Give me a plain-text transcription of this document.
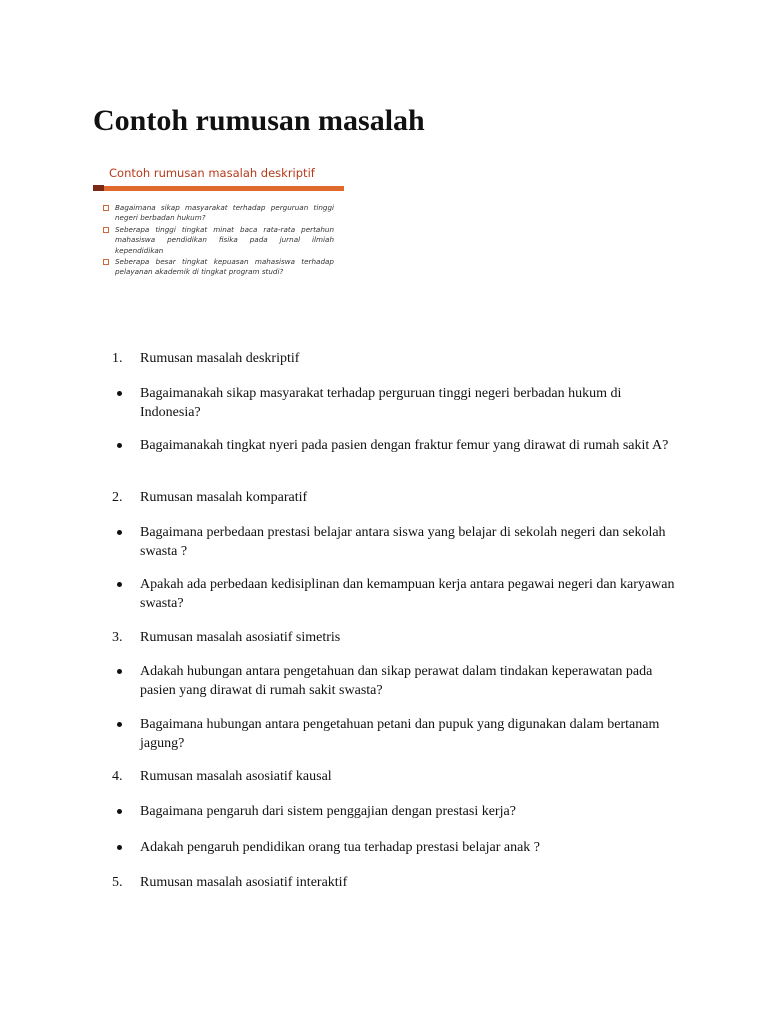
Contoh rumusan masalah
Contoh rumusan masalah deskriptif
Bagaimana sikap masyarakat terhadap perguruan tinggi negeri berbadan hukum?
Seberapa tinggi tingkat minat baca rata-rata pertahun mahasiswa pendidikan fisika pada jurnal ilmiah kependidikan
Seberapa besar tingkat kepuasan mahasiswa terhadap pelayanan akademik di tingkat program studi?
1. Rumusan masalah deskriptif

Bagaimanakah sikap masyarakat terhadap perguruan tinggi negeri berbadan hukum di Indonesia?

Bagaimanakah tingkat nyeri pada pasien dengan fraktur femur yang dirawat di rumah sakit A?

2. Rumusan masalah komparatif

Bagaimana perbedaan prestasi belajar antara siswa yang belajar di sekolah negeri dan sekolah swasta ?

Apakah ada perbedaan kedisiplinan dan kemampuan kerja antara pegawai negeri dan karyawan swasta?

3. Rumusan masalah asosiatif simetris

Adakah hubungan antara pengetahuan dan sikap perawat dalam tindakan keperawatan pada pasien yang dirawat di rumah sakit swasta?

Bagaimana hubungan antara pengetahuan petani dan pupuk yang digunakan dalam bertanam jagung?

4. Rumusan masalah asosiatif kausal

Bagaimana pengaruh dari sistem penggajian dengan prestasi kerja?

Adakah pengaruh pendidikan orang tua terhadap prestasi belajar anak ?

5. Rumusan masalah asosiatif interaktif
